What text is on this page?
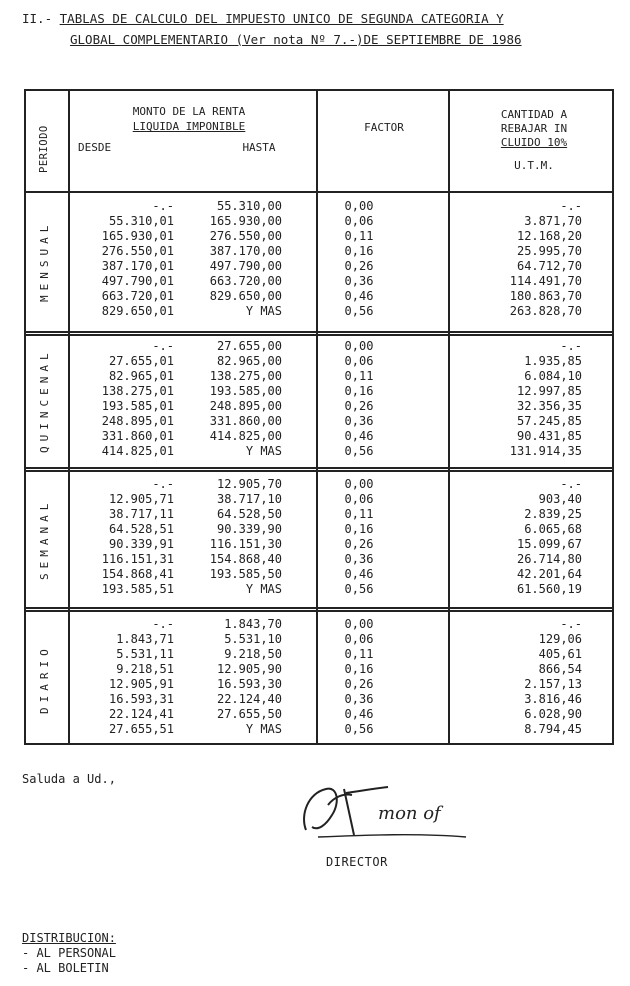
II.- TABLAS DE CALCULO DEL IMPUESTO UNICO DE SEGUNDA CATEGORIA Y
GLOBAL COMPLEMENTARIO (Ver nota Nº 7.-)DE SEPTIEMBRE DE 1986
PERIODO
MONTO DE LA RENTA
LIQUIDA IMPONIBLE
DESDE	HASTA
FACTOR
CANTIDAD A
REBAJAR IN
CLUIDO 10%
U.T.M.
MENSUAL
QUINCENAL
SEMANAL
DIARIO
-.-	55.310,00	0,00	-.-
55.310,01	165.930,00	0,06	3.871,70
165.930,01	276.550,00	0,11	12.168,20
276.550,01	387.170,00	0,16	25.995,70
387.170,01	497.790,00	0,26	64.712,70
497.790,01	663.720,00	0,36	114.491,70
663.720,01	829.650,00	0,46	180.863,70
829.650,01	Y MAS	0,56	263.828,70
-.-	27.655,00	0,00	-.-
27.655,01	82.965,00	0,06	1.935,85
82.965,01	138.275,00	0,11	6.084,10
138.275,01	193.585,00	0,16	12.997,85
193.585,01	248.895,00	0,26	32.356,35
248.895,01	331.860,00	0,36	57.245,85
331.860,01	414.825,00	0,46	90.431,85
414.825,01	Y MAS	0,56	131.914,35
-.-	12.905,70	0,00	-.-
12.905,71	38.717,10	0,06	903,40
38.717,11	64.528,50	0,11	2.839,25
64.528,51	90.339,90	0,16	6.065,68
90.339,91	116.151,30	0,26	15.099,67
116.151,31	154.868,40	0,36	26.714,80
154.868,41	193.585,50	0,46	42.201,64
193.585,51	Y MAS	0,56	61.560,19
-.-	1.843,70	0,00	-.-
1.843,71	5.531,10	0,06	129,06
5.531,11	9.218,50	0,11	405,61
9.218,51	12.905,90	0,16	866,54
12.905,91	16.593,30	0,26	2.157,13
16.593,31	22.124,40	0,36	3.816,46
22.124,41	27.655,50	0,46	6.028,90
27.655,51	Y MAS	0,56	8.794,45
Saluda a Ud.,
mon of
DIRECTOR
DISTRIBUCION:
- AL PERSONAL
- AL BOLETIN
